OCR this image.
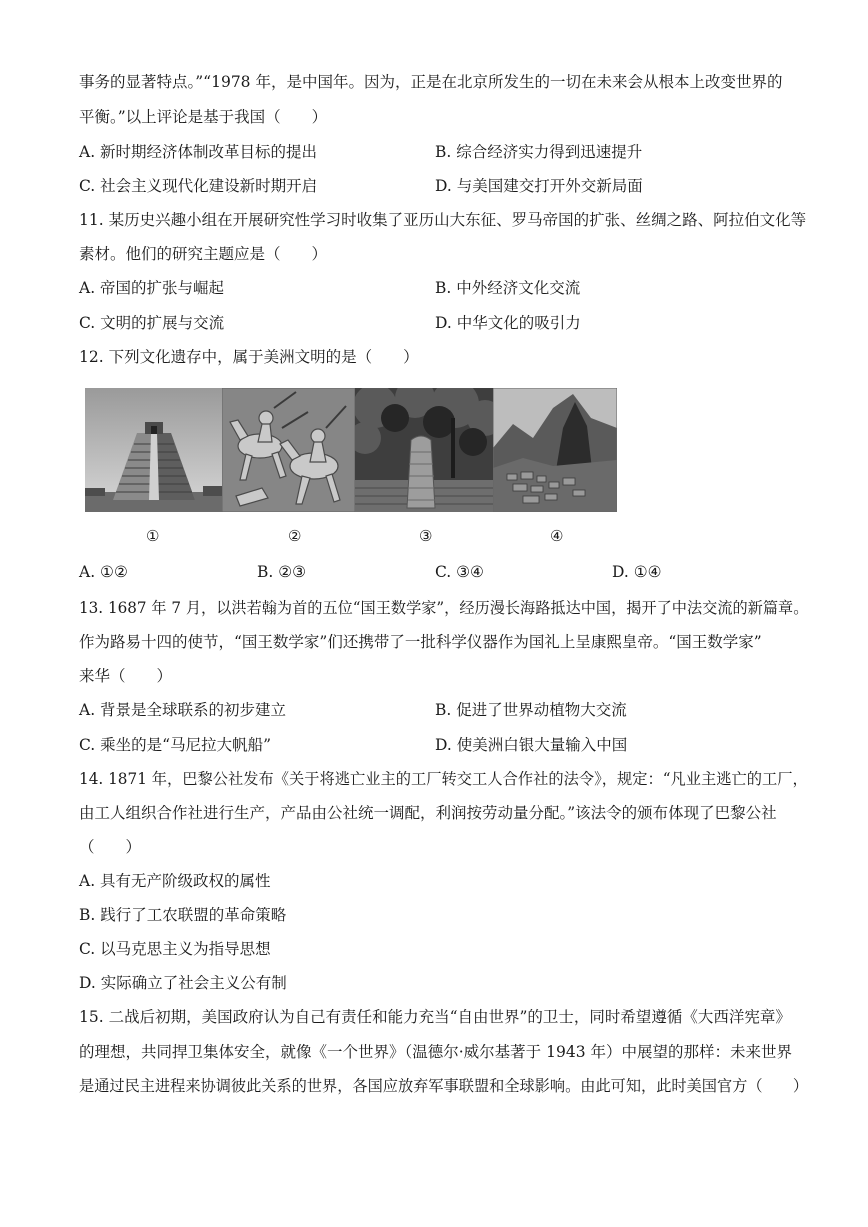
事务的显著特点。”“1978 年，是中国年。因为，正是在北京所发生的一切在未来会从根本上改变世界的
平衡。”以上评论是基于我国（　　）
A. 新时期经济体制改革目标的提出	B. 综合经济实力得到迅速提升
C. 社会主义现代化建设新时期开启	D. 与美国建交打开外交新局面
11. 某历史兴趣小组在开展研究性学习时收集了亚历山大东征、罗马帝国的扩张、丝绸之路、阿拉伯文化等
素材。他们的研究主题应是（　　）
A. 帝国的扩张与崛起	B. 中外经济文化交流
C. 文明的扩展与交流	D. 中华文化的吸引力
12. 下列文化遗存中，属于美洲文明的是（　　）
①	②	③	④
A. ①②	B. ②③	C. ③④	D. ①④
13. 1687 年 7 月，以洪若翰为首的五位“国王数学家”，经历漫长海路抵达中国，揭开了中法交流的新篇章。
作为路易十四的使节，“国王数学家”们还携带了一批科学仪器作为国礼上呈康熙皇帝。“国王数学家”
来华（　　）
A. 背景是全球联系的初步建立	B. 促进了世界动植物大交流
C. 乘坐的是“马尼拉大帆船”	D. 使美洲白银大量输入中国
14. 1871 年，巴黎公社发布《关于将逃亡业主的工厂转交工人合作社的法令》，规定：“凡业主逃亡的工厂，
由工人组织合作社进行生产，产品由公社统一调配，利润按劳动量分配。”该法令的颁布体现了巴黎公社
（　　）
A. 具有无产阶级政权的属性
B. 践行了工农联盟的革命策略
C. 以马克思主义为指导思想
D. 实际确立了社会主义公有制
15. 二战后初期，美国政府认为自己有责任和能力充当“自由世界”的卫士，同时希望遵循《大西洋宪章》
的理想，共同捍卫集体安全，就像《一个世界》（温德尔·威尔基著于 1943 年）中展望的那样：未来世界
是通过民主进程来协调彼此关系的世界，各国应放弃军事联盟和全球影响。由此可知，此时美国官方（　　）
